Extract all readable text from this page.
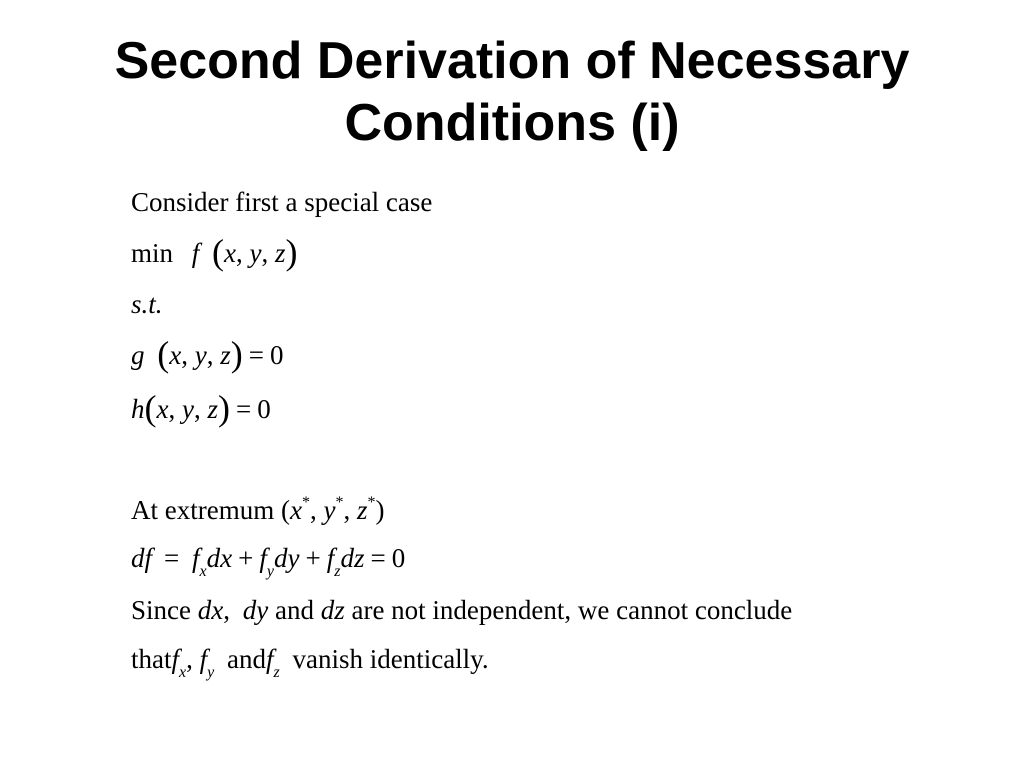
Second Derivation of Necessary
Conditions (i)
Consider first a special case
min f (x, y, z)
s.t.
g (x, y, z) = 0
h(x, y, z) = 0
At extremum (x*, y*, z*)
df = $f_xdx + f_ydy + f_zdz = 0$
Since dx, dy and dz are not independent, we cannot conclude
thatf$_x$, $f_y$ andf$_z$ vanish identically.
